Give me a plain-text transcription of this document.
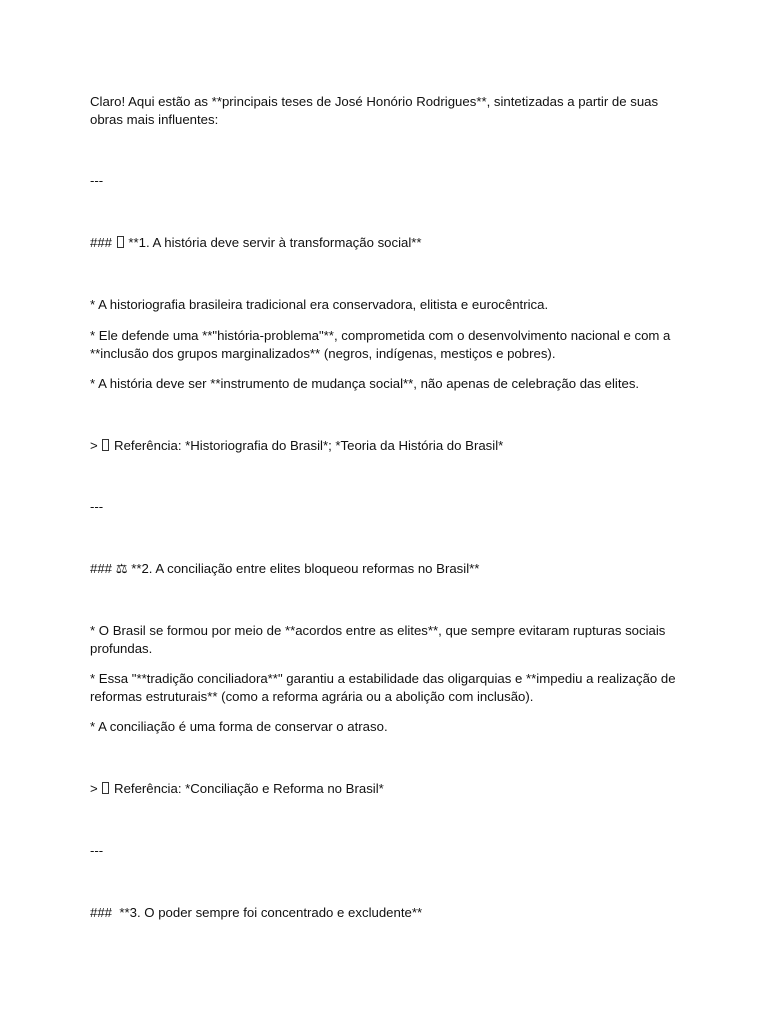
Claro! Aqui estão as **principais teses de José Honório Rodrigues**, sintetizadas a partir de suas obras mais influentes:

---

### **1. A história deve servir à transformação social**

* A historiografia brasileira tradicional era conservadora, elitista e eurocêntrica.

* Ele defende uma **"história-problema"**, comprometida com o desenvolvimento nacional e com a **inclusão dos grupos marginalizados** (negros, indígenas, mestiços e pobres).

* A história deve ser **instrumento de mudança social**, não apenas de celebração das elites.

> Referência: *Historiografia do Brasil*; *Teoria da História do Brasil*

---

### ⚖ **2. A conciliação entre elites bloqueou reformas no Brasil**

* O Brasil se formou por meio de **acordos entre as elites**, que sempre evitaram rupturas sociais profundas.

* Essa "**tradição conciliadora**" garantiu a estabilidade das oligarquias e **impediu a realização de reformas estruturais** (como a reforma agrária ou a abolição com inclusão).

* A conciliação é uma forma de conservar o atraso.

> Referência: *Conciliação e Reforma no Brasil*

---

### **3. O poder sempre foi concentrado e excludente**
